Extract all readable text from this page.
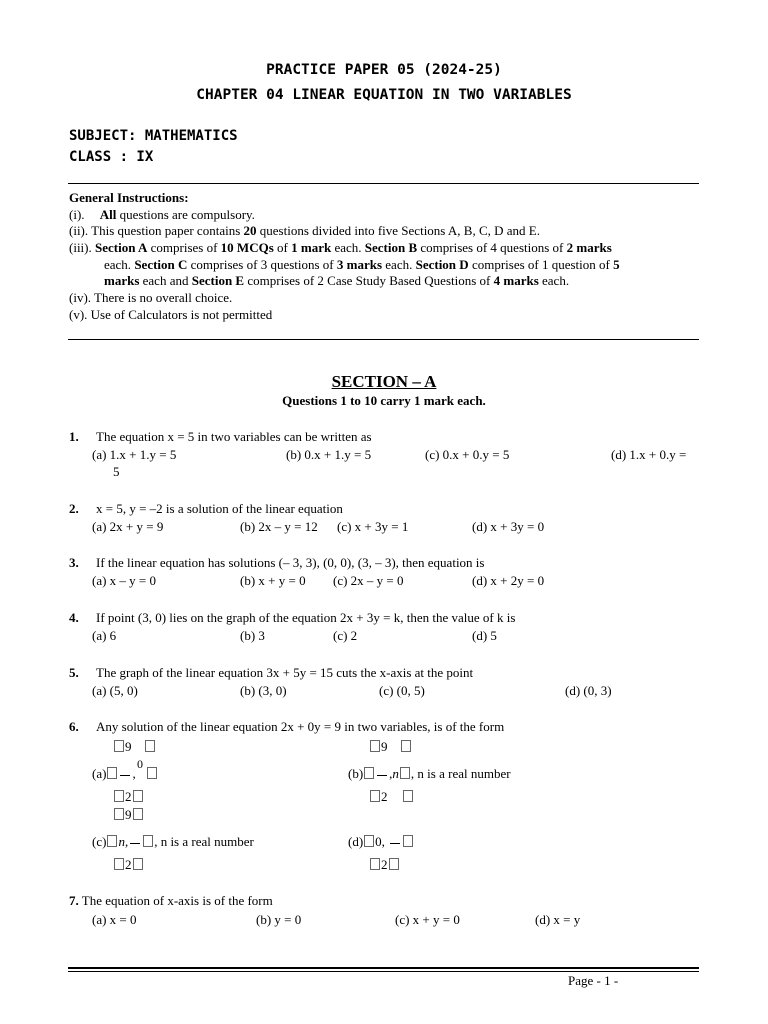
PRACTICE PAPER 05 (2024-25)
CHAPTER 04 LINEAR EQUATION IN TWO VARIABLES
SUBJECT: MATHEMATICS
CLASS : IX
General Instructions:
(i). All questions are compulsory.
(ii). This question paper contains 20 questions divided into five Sections A, B, C, D and E.
(iii). Section A comprises of 10 MCQs of 1 mark each. Section B comprises of 4 questions of 2 marks
each. Section C comprises of 3 questions of 3 marks each. Section D comprises of 1 question of 5
marks each and Section E comprises of 2 Case Study Based Questions of 4 marks each.
(iv). There is no overall choice.
(v). Use of Calculators is not permitted
SECTION – A
Questions 1 to 10 carry 1 mark each.
1. The equation x = 5 in two variables can be written as
(a) 1.x + 1.y = 5	(b) 0.x + 1.y = 5	(c) 0.x + 0.y = 5	(d) 1.x + 0.y =
5
2. x = 5, y = –2 is a solution of the linear equation
(a) 2x + y = 9	(b) 2x – y = 12 (c) x + 3y = 1	(d) x + 3y = 0
3. If the linear equation has solutions (– 3, 3), (0, 0), (3, – 3), then equation is
(a) x – y = 0	(b) x + y = 0 (c) 2x – y = 0	(d) x + 2y = 0
4. If point (3, 0) lies on the graph of the equation 2x + 3y = k, then the value of k is
(a) 6	(b) 3	(c) 2	(d) 5
5. The graph of the linear equation 3x + 5y = 15 cuts the x-axis at the point
(a) (5, 0)	(b) (3, 0)	(c) (0, 5)	(d) (0, 3)
6. Any solution of the linear equation 2x + 0y = 9 in two variables, is of the form
9
0
(a) ,
2
9
(b) ,n , n is a real number
2
9
(c) n, , n is a real number
2
(d) 0,
2
7. The equation of x-axis is of the form
(a) x = 0	(b) y = 0	(c) x + y = 0	(d) x = y
Page - 1 -
